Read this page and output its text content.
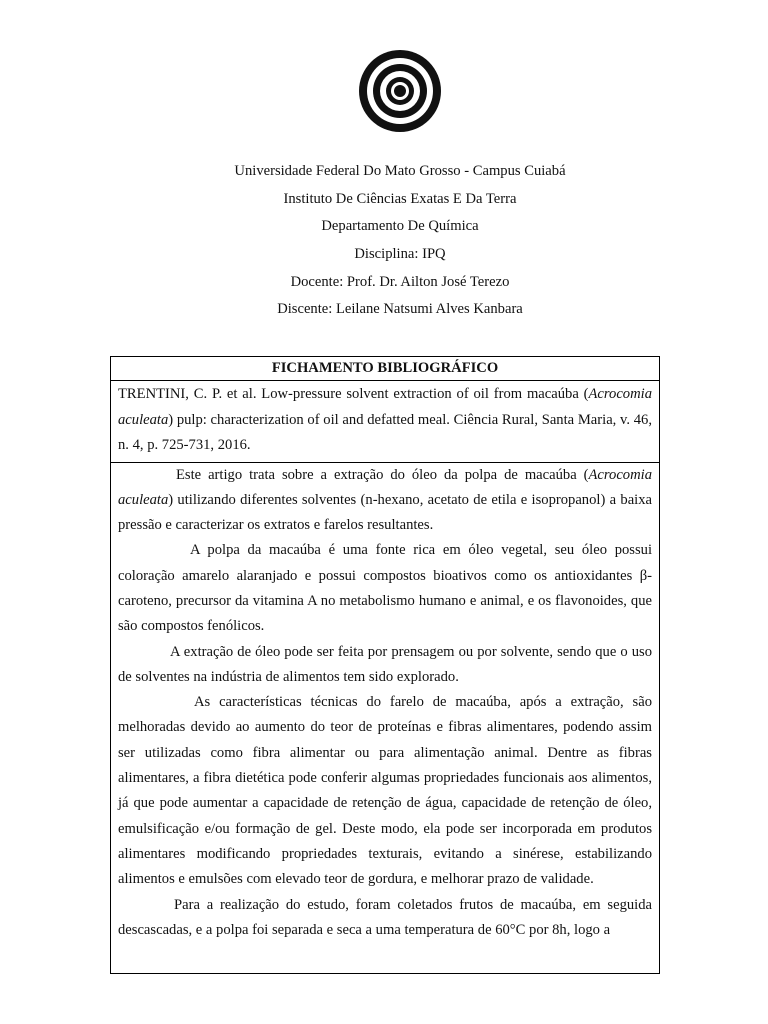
Universidade Federal Do Mato Grosso - Campus Cuiabá

Instituto De Ciências Exatas E Da Terra

Departamento De Química

Disciplina: IPQ

Docente: Prof. Dr. Ailton José Terezo

Discente: Leilane Natsumi Alves Kanbara

FICHAMENTO BIBLIOGRÁFICO
TRENTINI, C. P. et al. Low-pressure solvent extraction of oil from macaúba (Acrocomia aculeata) pulp: characterization of oil and defatted meal. Ciência Rural, Santa Maria, v. 46, n. 4, p. 725-731, 2016.

Este artigo trata sobre a extração do óleo da polpa de macaúba (Acrocomia aculeata) utilizando diferentes solventes (n-hexano, acetato de etila e isopropanol) a baixa pressão e caracterizar os extratos e farelos resultantes.

A polpa da macaúba é uma fonte rica em óleo vegetal, seu óleo possui coloração amarelo alaranjado e possui compostos bioativos como os antioxidantes β-caroteno, precursor da vitamina A no metabolismo humano e animal, e os flavonoides, que são compostos fenólicos.

A extração de óleo pode ser feita por prensagem ou por solvente, sendo que o uso de solventes na indústria de alimentos tem sido explorado.

As características técnicas do farelo de macaúba, após a extração, são melhoradas devido ao aumento do teor de proteínas e fibras alimentares, podendo assim ser utilizadas como fibra alimentar ou para alimentação animal. Dentre as fibras alimentares, a fibra dietética pode conferir algumas propriedades funcionais aos alimentos, já que pode aumentar a capacidade de retenção de água, capacidade de retenção de óleo, emulsificação e/ou formação de gel. Deste modo, ela pode ser incorporada em produtos alimentares modificando propriedades texturais, evitando a sinérese, estabilizando alimentos e emulsões com elevado teor de gordura, e melhorar prazo de validade.

Para a realização do estudo, foram coletados frutos de macaúba, em seguida descascadas, e a polpa foi separada e seca a uma temperatura de 60°C por 8h, logo a
